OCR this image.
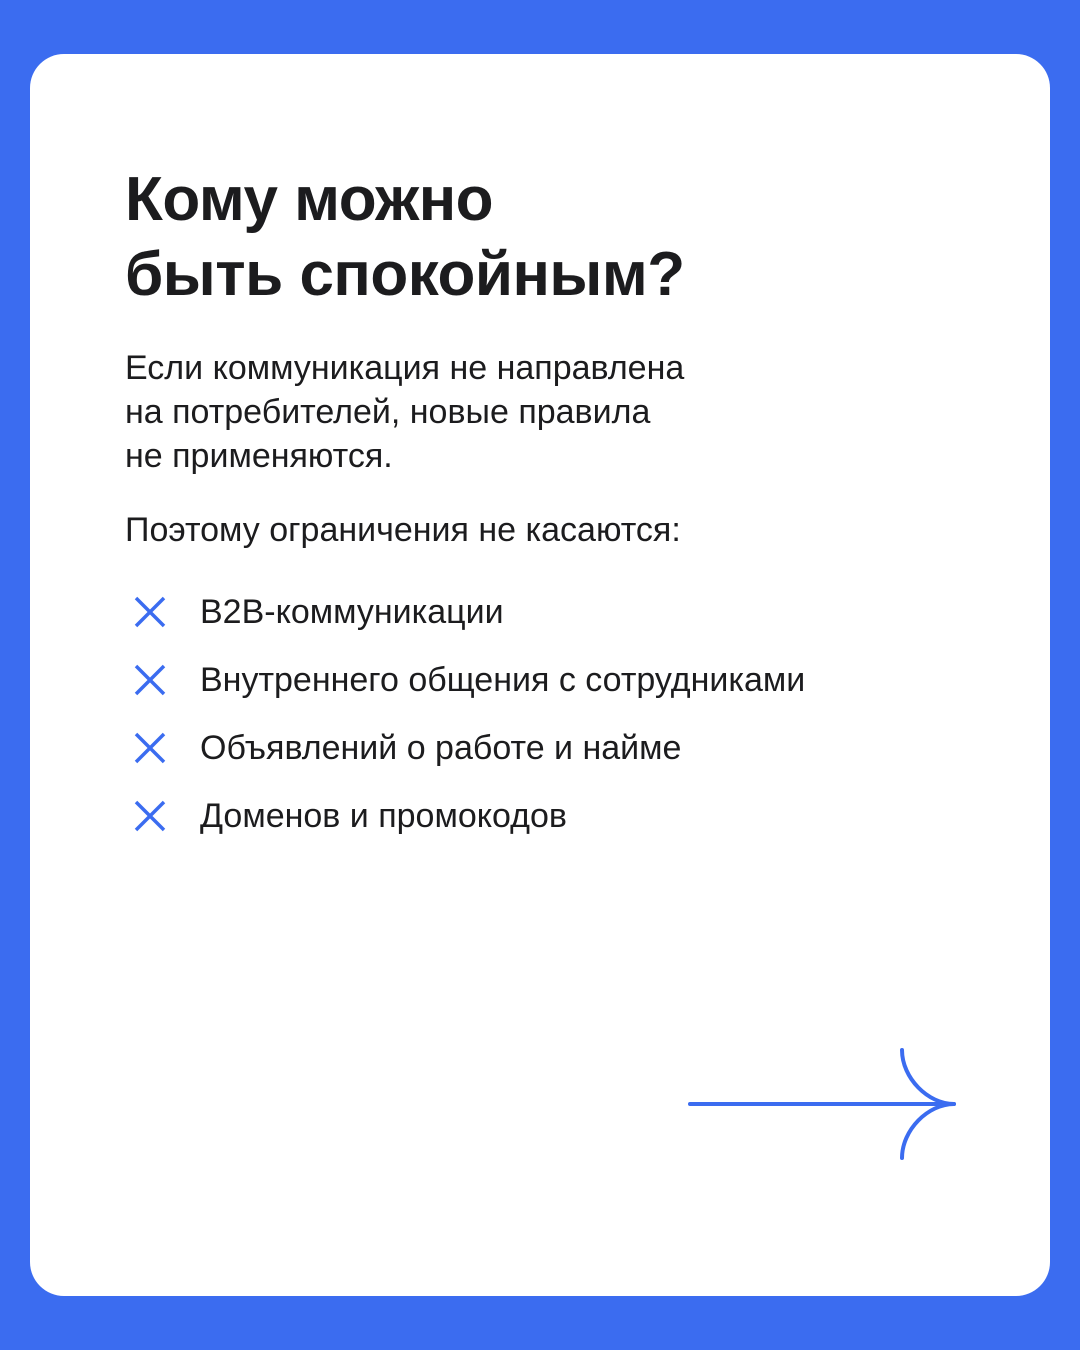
Кому можно
быть спокойным?

Если коммуникация не направлена
на потребителей, новые правила
не применяются.

Поэтому ограничения не касаются:

B2B-коммуникации
Внутреннего общения с сотрудниками
Объявлений о работе и найме
Доменов и промокодов
